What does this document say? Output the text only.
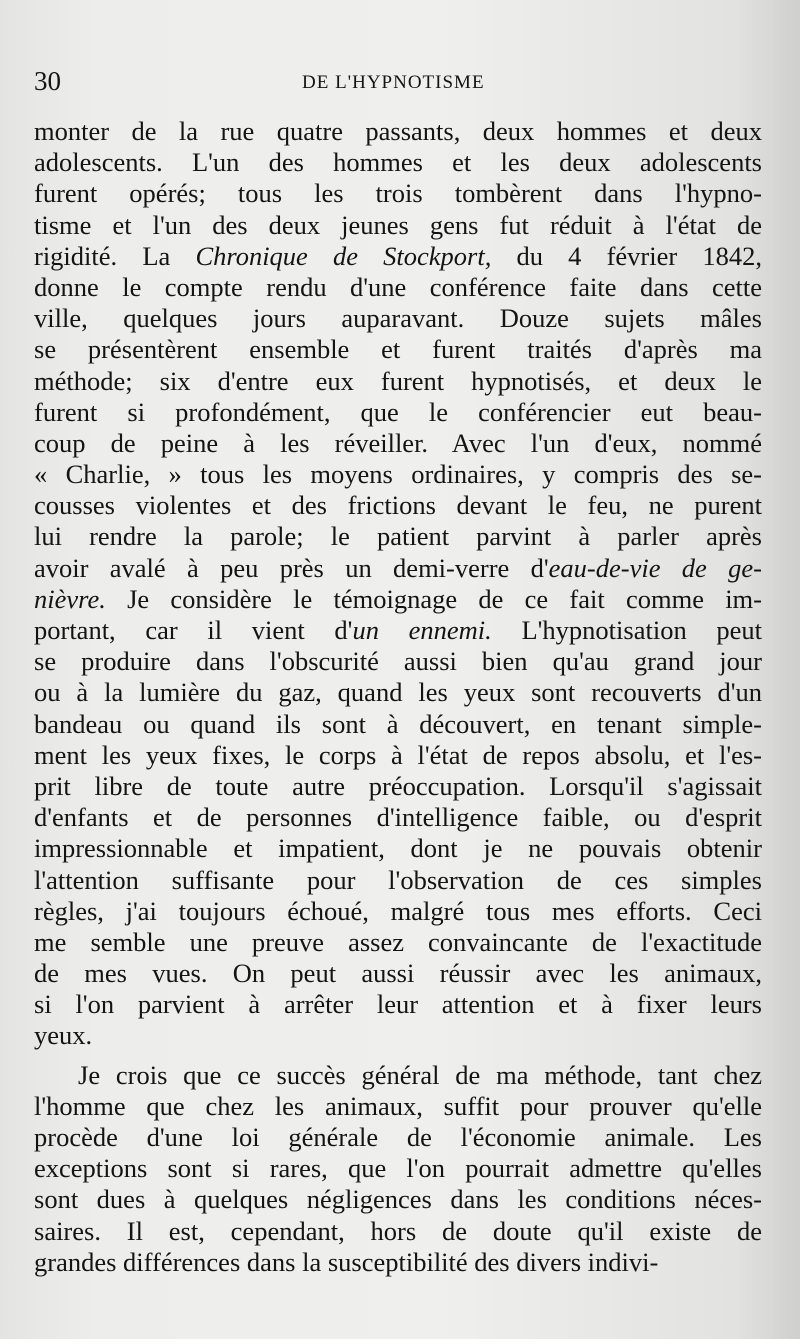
30	DE L'HYPNOTISME
monter de la rue quatre passants, deux hommes et deux
adolescents. L'un des hommes et les deux adolescents
furent opérés; tous les trois tombèrent dans l'hypno-
tisme et l'un des deux jeunes gens fut réduit à l'état de
rigidité. La Chronique de Stockport, du 4 février 1842,
donne le compte rendu d'une conférence faite dans cette
ville, quelques jours auparavant. Douze sujets mâles
se présentèrent ensemble et furent traités d'après ma
méthode; six d'entre eux furent hypnotisés, et deux le
furent si profondément, que le conférencier eut beau-
coup de peine à les réveiller. Avec l'un d'eux, nommé
« Charlie, » tous les moyens ordinaires, y compris des se-
cousses violentes et des frictions devant le feu, ne purent
lui rendre la parole; le patient parvint à parler après
avoir avalé à peu près un demi-verre d'eau-de-vie de ge-
nièvre. Je considère le témoignage de ce fait comme im-
portant, car il vient d'un ennemi. L'hypnotisation peut
se produire dans l'obscurité aussi bien qu'au grand jour
ou à la lumière du gaz, quand les yeux sont recouverts d'un
bandeau ou quand ils sont à découvert, en tenant simple-
ment les yeux fixes, le corps à l'état de repos absolu, et l'es-
prit libre de toute autre préoccupation. Lorsqu'il s'agissait
d'enfants et de personnes d'intelligence faible, ou d'esprit
impressionnable et impatient, dont je ne pouvais obtenir
l'attention suffisante pour l'observation de ces simples
règles, j'ai toujours échoué, malgré tous mes efforts. Ceci
me semble une preuve assez convaincante de l'exactitude
de mes vues. On peut aussi réussir avec les animaux,
si l'on parvient à arrêter leur attention et à fixer leurs
yeux.
Je crois que ce succès général de ma méthode, tant chez
l'homme que chez les animaux, suffit pour prouver qu'elle
procède d'une loi générale de l'économie animale. Les
exceptions sont si rares, que l'on pourrait admettre qu'elles
sont dues à quelques négligences dans les conditions néces-
saires. Il est, cependant, hors de doute qu'il existe de
grandes différences dans la susceptibilité des divers indivi-
